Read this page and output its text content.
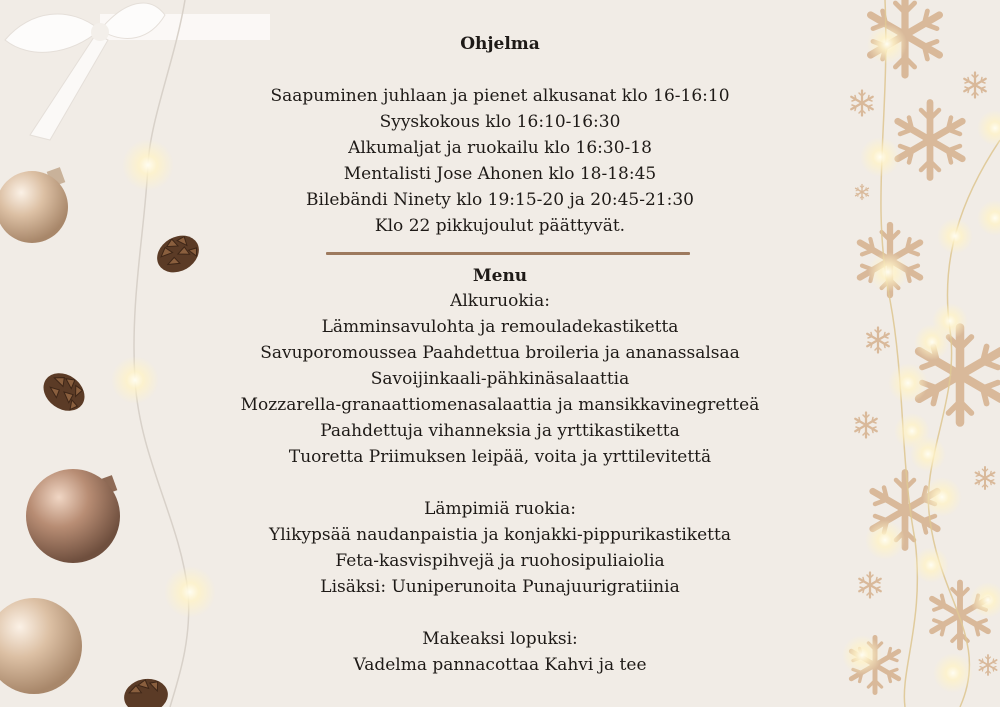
Ohjelma
Saapuminen juhlaan ja pienet alkusanat klo 16-16:10
Syyskokous klo 16:10-16:30
Alkumaljat ja ruokailu klo 16:30-18
Mentalisti Jose Ahonen klo 18-18:45
Bilebändi Ninety klo 19:15-20 ja 20:45-21:30
Klo 22 pikkujoulut päättyvät.
Menu
Alkuruokia:
Lämminsavulohta ja remouladekastiketta
Savuporomoussea Paahdettua broileria ja ananassalsaa
Savoijinkaali-pähkinäsalaattia
Mozzarella-granaattiomenasalaattia ja mansikkavinegretteä
Paahdettuja vihanneksia ja yrttikastiketta
Tuoretta Priimuksen leipää, voita ja yrttilevitettä
Lämpimiä ruokia:
Ylikypsää naudanpaistia ja konjakki-pippurikastiketta
Feta-kasvispihvejä ja ruohosipuliaiolia
Lisäksi: Uuniperunoita Punajuurigratiinia
Makeaksi lopuksi:
Vadelma pannacottaa Kahvi ja tee
